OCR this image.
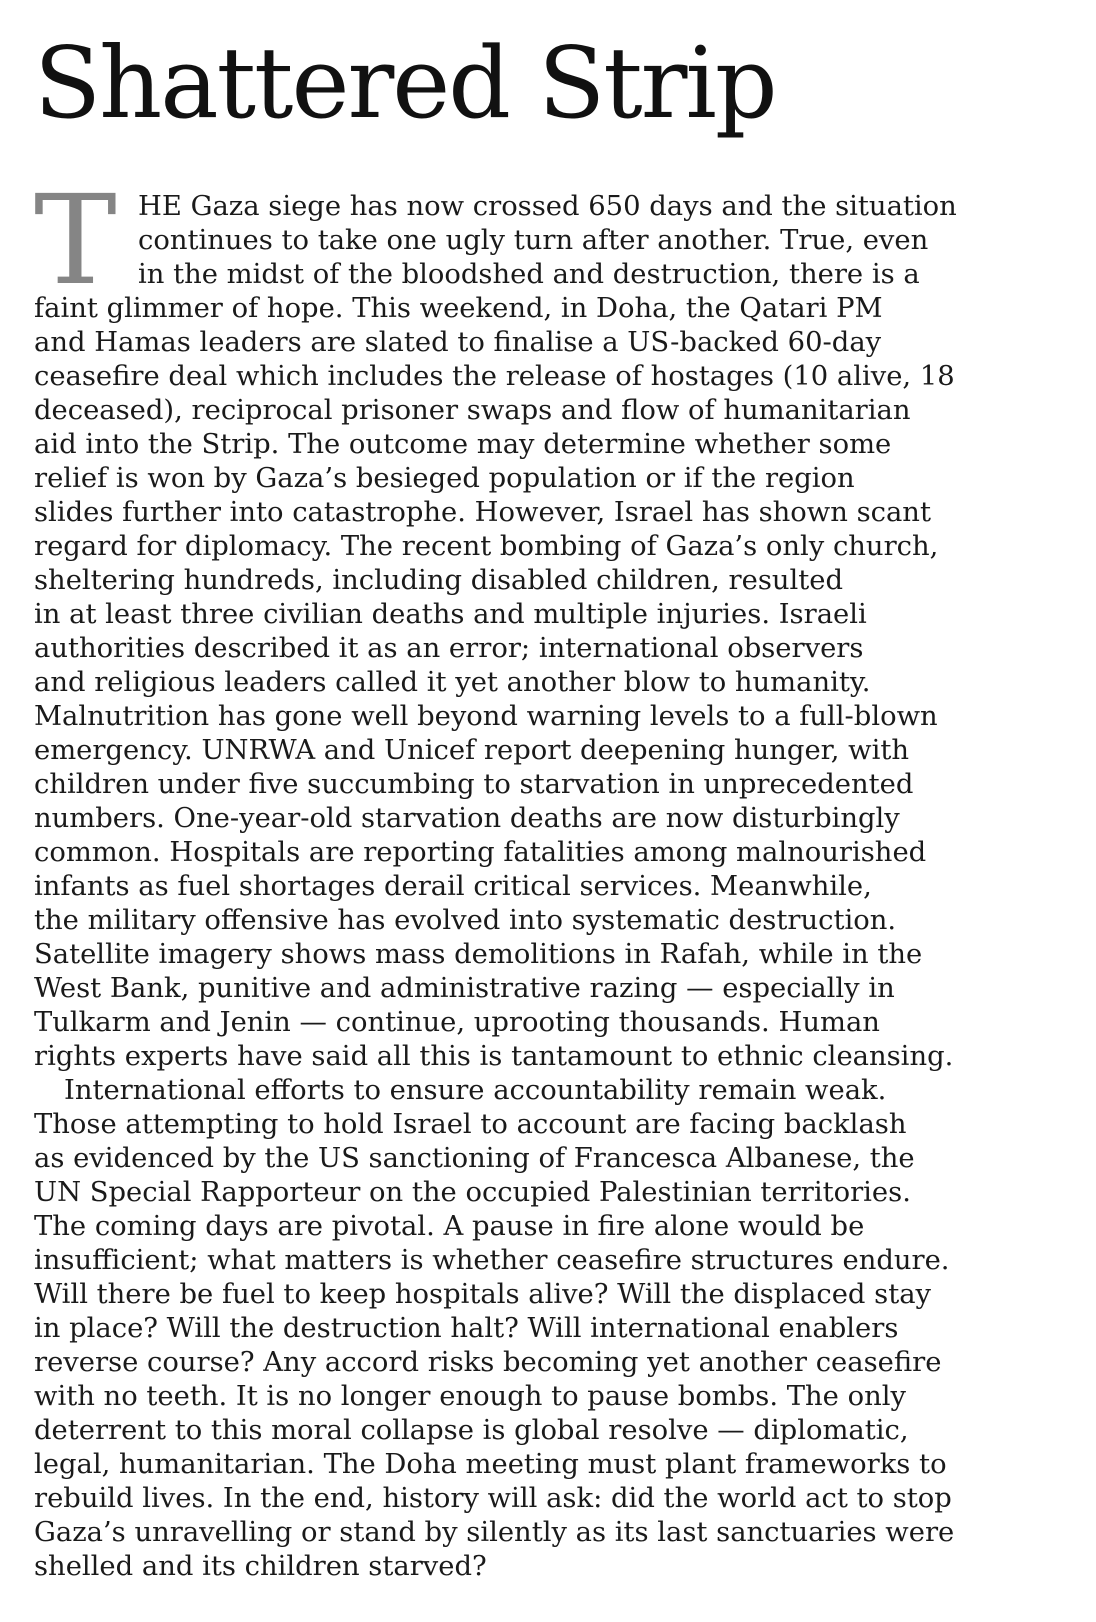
Shattered Strip
T HE Gaza siege has now crossed 650 days and the situation
continues to take one ugly turn after another. True, even
in the midst of the bloodshed and destruction, there is a
faint glimmer of hope. This weekend, in Doha, the Qatari PM
and Hamas leaders are slated to finalise a US-backed 60-day
ceasefire deal which includes the release of hostages (10 alive, 18
deceased), reciprocal prisoner swaps and flow of humanitarian
aid into the Strip. The outcome may determine whether some
relief is won by Gaza’s besieged population or if the region
slides further into catastrophe. However, Israel has shown scant
regard for diplomacy. The recent bombing of Gaza’s only church,
sheltering hundreds, including disabled children, resulted
in at least three civilian deaths and multiple injuries. Israeli
authorities described it as an error; international observers
and religious leaders called it yet another blow to humanity.
Malnutrition has gone well beyond warning levels to a full-blown
emergency. UNRWA and Unicef report deepening hunger, with
children under five succumbing to starvation in unprecedented
numbers. One-year-old starvation deaths are now disturbingly
common. Hospitals are reporting fatalities among malnourished
infants as fuel shortages derail critical services. Meanwhile,
the military offensive has evolved into systematic destruction.
Satellite imagery shows mass demolitions in Rafah, while in the
West Bank, punitive and administrative razing — especially in
Tulkarm and Jenin — continue, uprooting thousands. Human
rights experts have said all this is tantamount to ethnic cleansing.
International efforts to ensure accountability remain weak.
Those attempting to hold Israel to account are facing backlash
as evidenced by the US sanctioning of Francesca Albanese, the
UN Special Rapporteur on the occupied Palestinian territories.
The coming days are pivotal. A pause in fire alone would be
insufficient; what matters is whether ceasefire structures endure.
Will there be fuel to keep hospitals alive? Will the displaced stay
in place? Will the destruction halt? Will international enablers
reverse course? Any accord risks becoming yet another ceasefire
with no teeth. It is no longer enough to pause bombs. The only
deterrent to this moral collapse is global resolve — diplomatic,
legal, humanitarian. The Doha meeting must plant frameworks to
rebuild lives. In the end, history will ask: did the world act to stop
Gaza’s unravelling or stand by silently as its last sanctuaries were
shelled and its children starved?
